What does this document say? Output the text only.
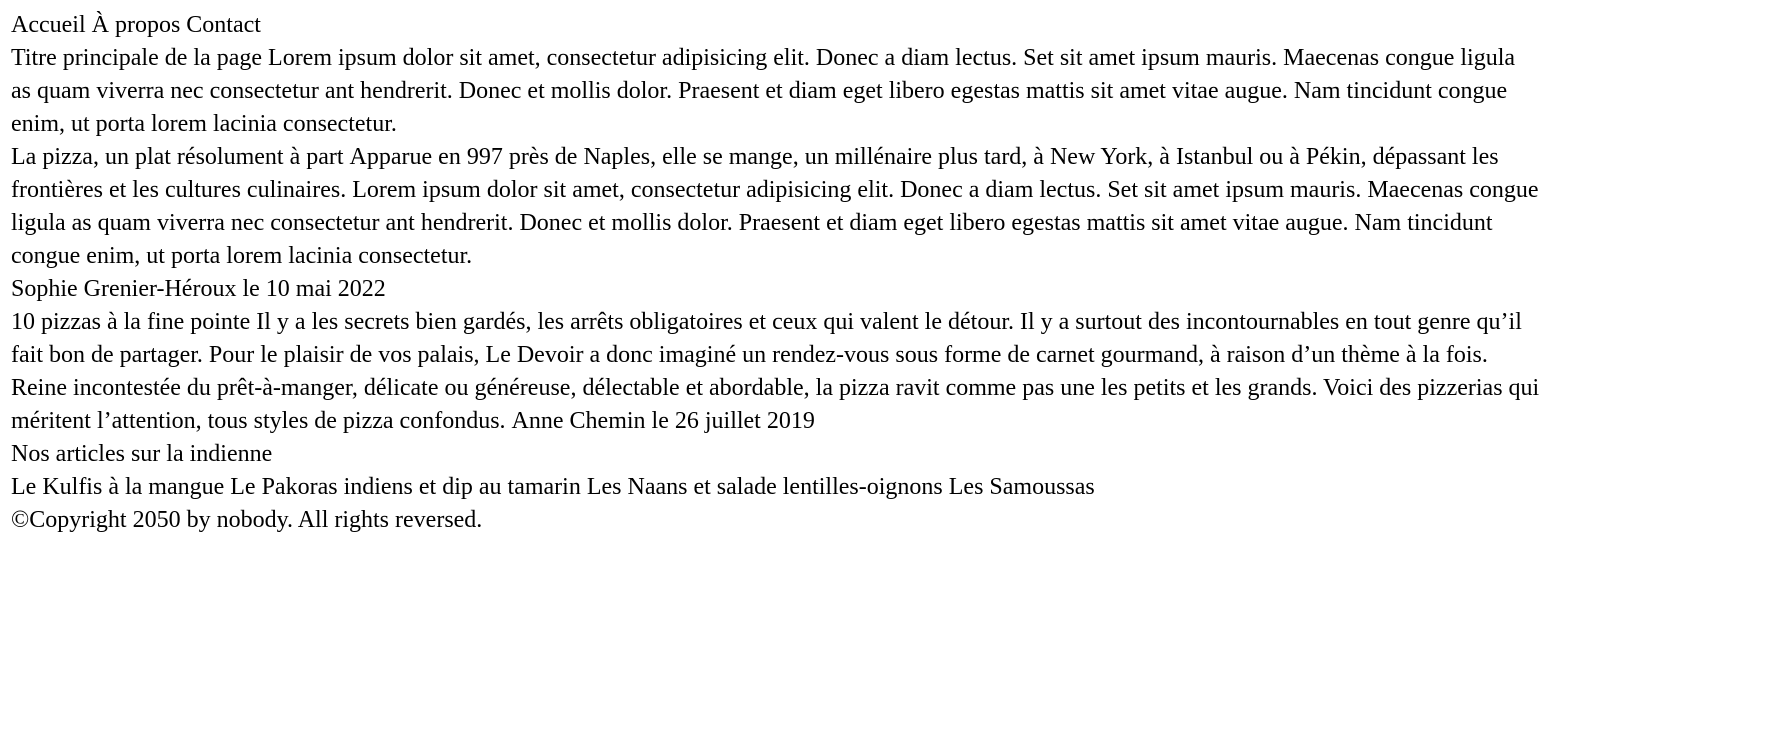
Accueil À propos Contact
Titre principale de la page Lorem ipsum dolor sit amet, consectetur adipisicing elit. Donec a diam lectus. Set sit amet ipsum mauris. Maecenas congue ligula as quam viverra nec consectetur ant hendrerit. Donec et mollis dolor. Praesent et diam eget libero egestas mattis sit amet vitae augue. Nam tincidunt congue enim, ut porta lorem lacinia consectetur.

La pizza, un plat résolument à part Apparue en 997 près de Naples, elle se mange, un millénaire plus tard, à New York, à Istanbul ou à Pékin, dépassant les frontières et les cultures culinaires. Lorem ipsum dolor sit amet, consectetur adipisicing elit. Donec a diam lectus. Set sit amet ipsum mauris. Maecenas congue ligula as quam viverra nec consectetur ant hendrerit. Donec et mollis dolor. Praesent et diam eget libero egestas mattis sit amet vitae augue. Nam tincidunt congue enim, ut porta lorem lacinia consectetur.

Sophie Grenier-Héroux le 10 mai 2022
10 pizzas à la fine pointe Il y a les secrets bien gardés, les arrêts obligatoires et ceux qui valent le détour. Il y a surtout des incontournables en tout genre qu’il fait bon de partager. Pour le plaisir de vos palais, Le Devoir a donc imaginé un rendez-vous sous forme de carnet gourmand, à raison d’un thème à la fois. Reine incontestée du prêt-à-manger, délicate ou généreuse, délectable et abordable, la pizza ravit comme pas une les petits et les grands. Voici des pizzerias qui méritent l’attention, tous styles de pizza confondus. Anne Chemin le 26 juillet 2019
Nos articles sur la indienne
Le Kulfis à la mangue Le Pakoras indiens et dip au tamarin Les Naans et salade lentilles-oignons Les Samoussas
©Copyright 2050 by nobody. All rights reversed.
